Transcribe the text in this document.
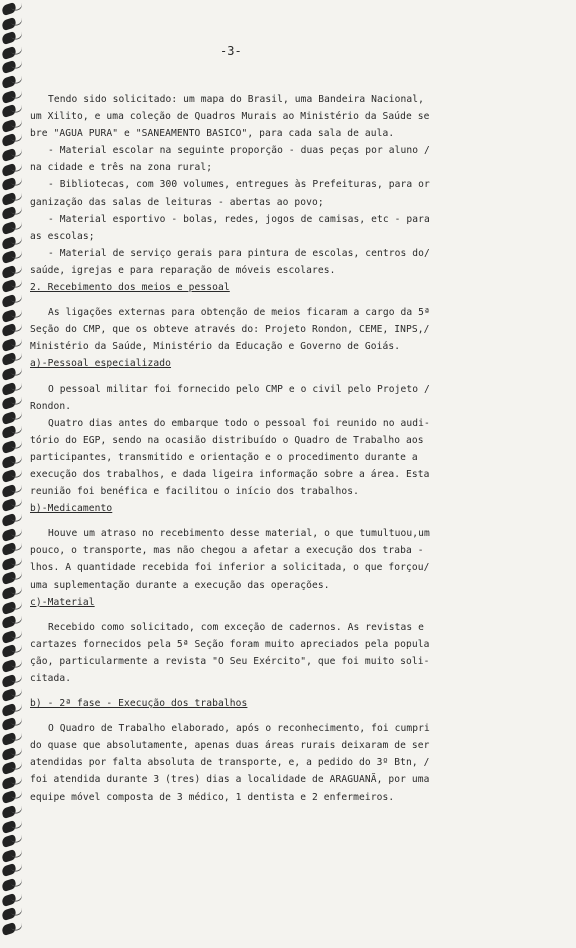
-3-
Tendo sido solicitado: um mapa do Brasil, uma Bandeira Nacional,
um Xilito, e uma coleção de Quadros Murais ao Ministério da Saúde se
bre "AGUA PURA" e "SANEAMENTO BASICO", para cada sala de aula.
- Material escolar na seguinte proporção - duas peças por aluno /
na cidade e três na zona rural;
- Bibliotecas, com 300 volumes, entregues às Prefeituras, para or
ganização das salas de leituras - abertas ao povo;
- Material esportivo - bolas, redes, jogos de camisas, etc - para
as escolas;
- Material de serviço gerais para pintura de escolas, centros do/
saúde, igrejas e para reparação de móveis escolares.
2. Recebimento dos meios e pessoal
As ligações externas para obtenção de meios ficaram a cargo da 5ª
Seção do CMP, que os obteve através do: Projeto Rondon, CEME, INPS,/
Ministério da Saúde, Ministério da Educação e Governo de Goiás.
a)-Pessoal especializado
O pessoal militar foi fornecido pelo CMP e o civil pelo Projeto /
Rondon.
Quatro dias antes do embarque todo o pessoal foi reunido no audi-
tório do EGP, sendo na ocasião distribuído o Quadro de Trabalho aos
participantes, transmitido e orientação e o procedimento durante a
execução dos trabalhos, e dada ligeira informação sobre a área. Esta
reunião foi benéfica e facilitou o início dos trabalhos.
b)-Medicamento
Houve um atraso no recebimento desse material, o que tumultuou,um
pouco, o transporte, mas não chegou a afetar a execução dos traba -
lhos. A quantidade recebida foi inferior a solicitada, o que forçou/
uma suplementação durante a execução das operações.
c)-Material
Recebido como solicitado, com exceção de cadernos. As revistas e
cartazes fornecidos pela 5ª Seção foram muito apreciados pela popula
ção, particularmente a revista "O Seu Exército", que foi muito soli-
citada.
b) - 2ª fase - Execução dos trabalhos
O Quadro de Trabalho elaborado, após o reconhecimento, foi cumpri
do quase que absolutamente, apenas duas áreas rurais deixaram de ser
atendidas por falta absoluta de transporte, e, a pedido do 3º Btn, /
foi atendida durante 3 (tres) dias a localidade de ARAGUANÃ, por uma
equipe móvel composta de 3 médico, 1 dentista e 2 enfermeiros.
